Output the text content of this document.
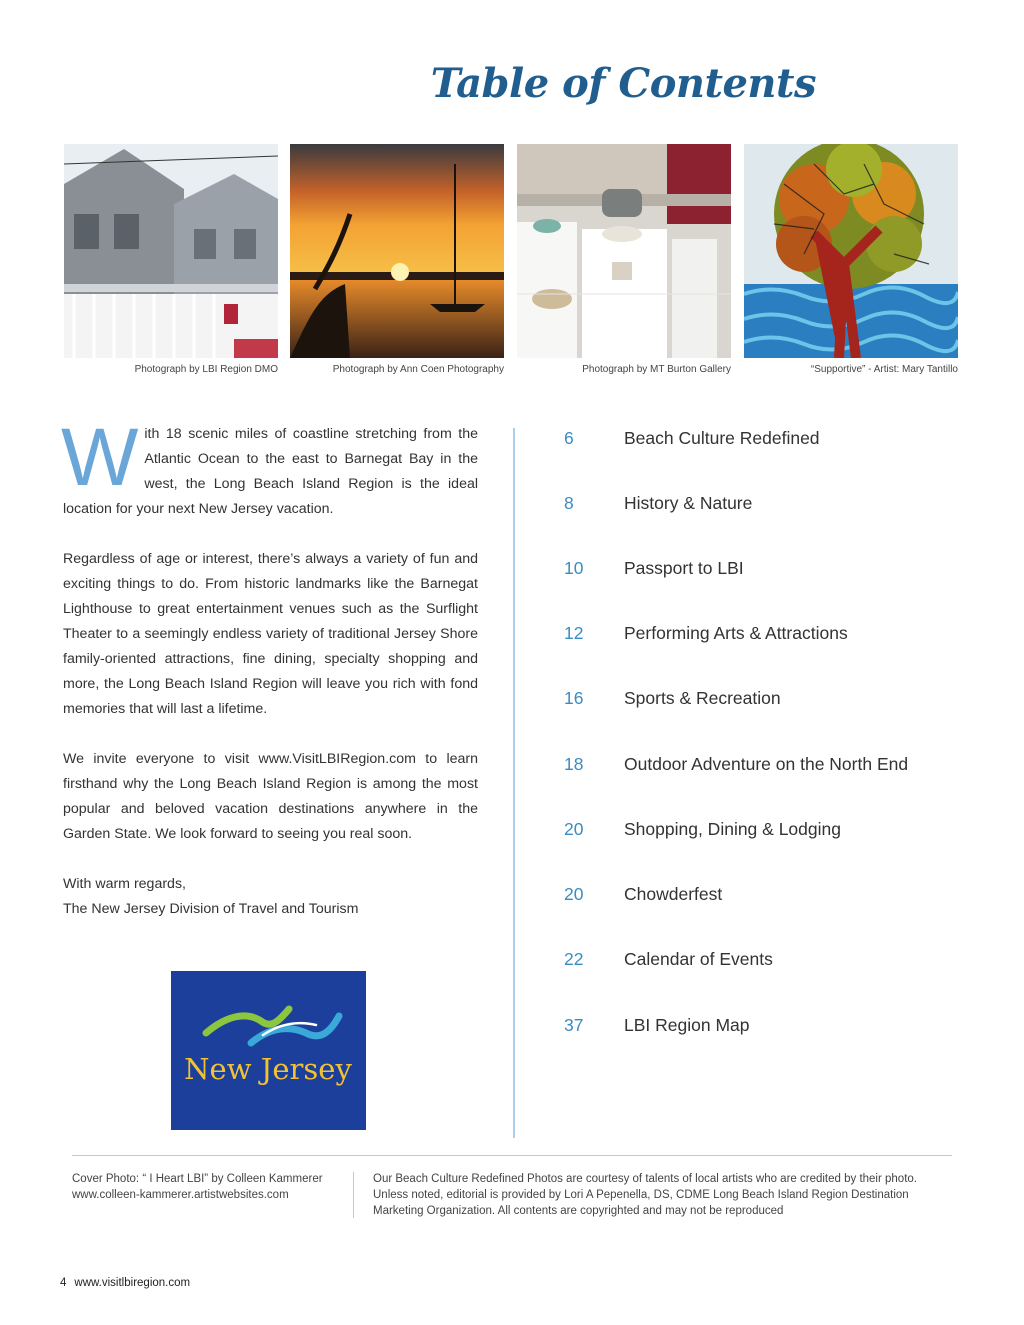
Table of Contents
Photograph by LBI Region DMO	Photograph by Ann Coen Photography	Photograph by MT Burton Gallery	“Supportive” - Artist: Mary Tantillo

With 18 scenic miles of coastline stretching from the Atlantic Ocean to the east to Barnegat Bay in the west, the Long Beach Island Region is the ideal location for your next New Jersey vacation.

Regardless of age or interest, there’s always a variety of fun and exciting things to do. From historic landmarks like the Barnegat Lighthouse to great entertainment venues such as the Surflight Theater to a seemingly endless variety of traditional Jersey Shore family-oriented attractions, fine dining, specialty shopping and more, the Long Beach Island Region will leave you rich with fond memories that will last a lifetime.

We invite everyone to visit www.VisitLBIRegion.com to learn firsthand why the Long Beach Island Region is among the most popular and beloved vacation destinations anywhere in the Garden State. We look forward to seeing you real soon.

With warm regards,
The New Jersey Division of Travel and Tourism

New Jersey
6	Beach Culture Redefined
8	History & Nature
10 Passport to LBI
12 Performing Arts & Attractions
16 Sports & Recreation
18 Outdoor Adventure on the North End
20 Shopping, Dining & Lodging
20 Chowderfest
22 Calendar of Events
37 LBI Region Map
Cover Photo: “ I Heart LBI” by Colleen Kammerer
www.colleen-kammerer.artistwebsites.com
Our Beach Culture Redefined Photos are courtesy of talents of local artists who are credited by their photo.
Unless noted, editorial is provided by Lori A Pepenella, DS, CDME Long Beach Island Region Destination
Marketing Organization. All contents are copyrighted and may not be reproduced
4 www.visitlbiregion.com
